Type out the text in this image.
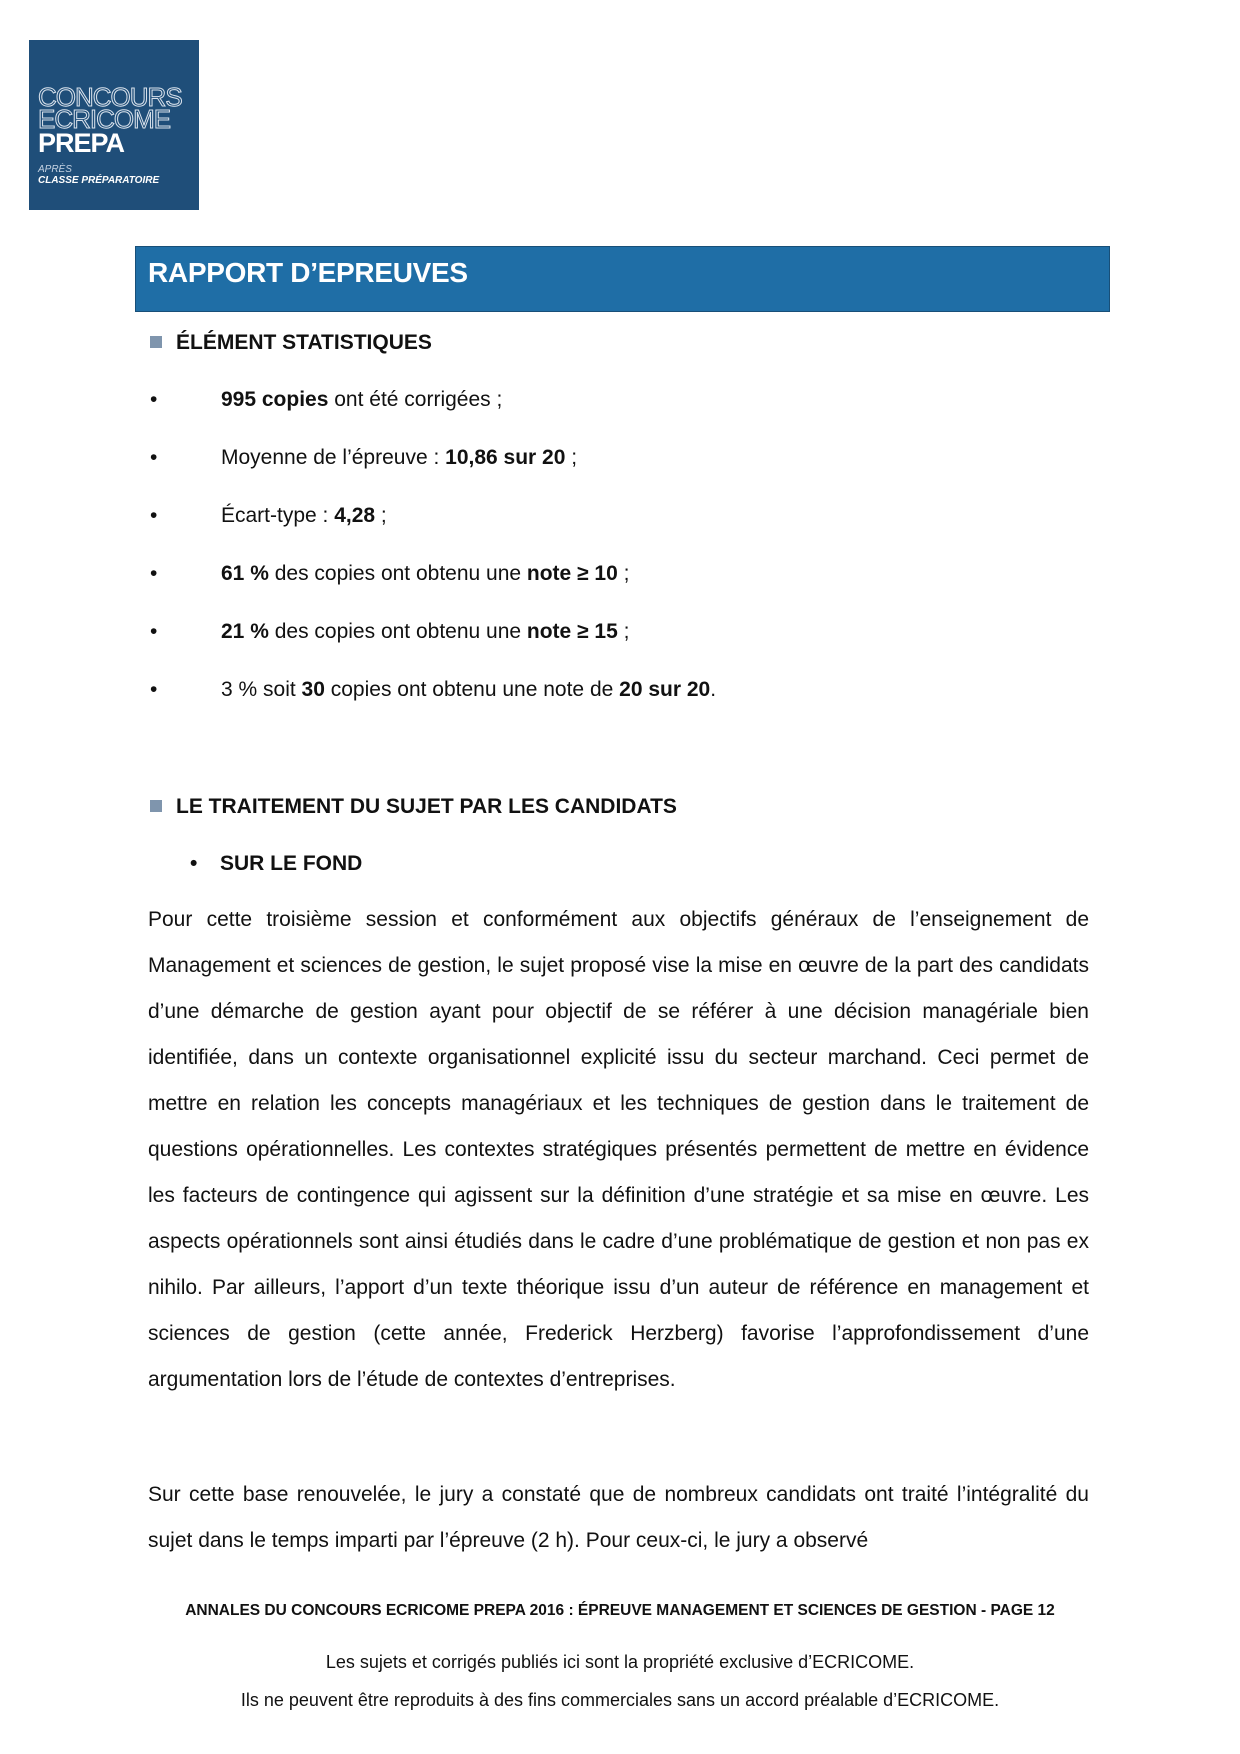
CONCOURS
ECRICOME
PREPA
APRÈS
CLASSE PRÉPARATOIRE
RAPPORT D’EPREUVES
ÉLÉMENT STATISTIQUES
•	995 copies ont été corrigées ;
•	Moyenne de l’épreuve : 10,86 sur 20 ;
•	Écart-type : 4,28 ;
•	61 % des copies ont obtenu une note ≥ 10 ;
•	21 % des copies ont obtenu une note ≥ 15 ;
•	3 % soit 30 copies ont obtenu une note de 20 sur 20.
LE TRAITEMENT DU SUJET PAR LES CANDIDATS
• SUR LE FOND
Pour cette troisième session et conformément aux objectifs généraux de l’enseignement de Management et sciences de gestion, le sujet proposé vise la mise en œuvre de la part des candidats d’une démarche de gestion ayant pour objectif de se référer à une décision managériale bien identifiée, dans un contexte organisationnel explicité issu du secteur marchand. Ceci permet de mettre en relation les concepts managériaux et les techniques de gestion dans le traitement de questions opérationnelles. Les contextes stratégiques présentés permettent de mettre en évidence les facteurs de contingence qui agissent sur la définition d’une stratégie et sa mise en œuvre. Les aspects opérationnels sont ainsi étudiés dans le cadre d’une problématique de gestion et non pas ex nihilo. Par ailleurs, l’apport d’un texte théorique issu d’un auteur de référence en management et sciences de gestion (cette année, Frederick Herzberg) favorise l’approfondissement d’une argumentation lors de l’étude de contextes d’entreprises.
Sur cette base renouvelée, le jury a constaté que de nombreux candidats ont traité l’intégralité du sujet dans le temps imparti par l’épreuve (2 h). Pour ceux-ci, le jury a observé
ANNALES DU CONCOURS ECRICOME PREPA 2016 : ÉPREUVE MANAGEMENT ET SCIENCES DE GESTION - PAGE 12
Les sujets et corrigés publiés ici sont la propriété exclusive d’ECRICOME.
Ils ne peuvent être reproduits à des fins commerciales sans un accord préalable d’ECRICOME.
